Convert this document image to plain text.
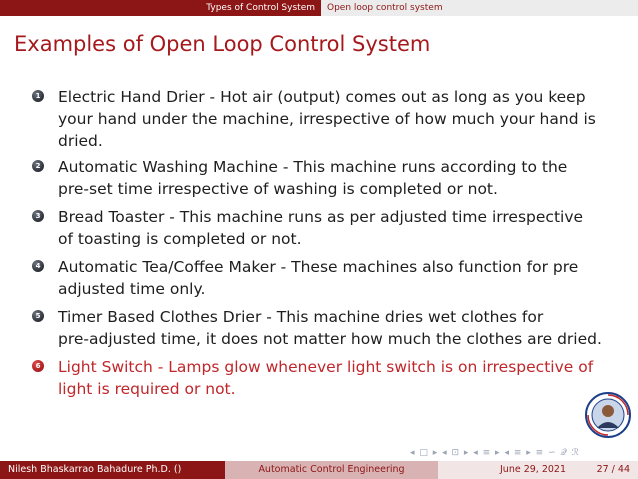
Types of Control System	Open loop control system
Examples of Open Loop Control System
1 Electric Hand Drier - Hot air (output) comes out as long as you keep
your hand under the machine, irrespective of how much your hand is
dried.
2 Automatic Washing Machine - This machine runs according to the
pre-set time irrespective of washing is completed or not.
3 Bread Toaster - This machine runs as per adjusted time irrespective
of toasting is completed or not.
4 Automatic Tea/Coffee Maker - These machines also function for pre
adjusted time only.
5 Timer Based Clothes Drier - This machine dries wet clothes for
pre-adjusted time, it does not matter how much the clothes are dried.
6 Light Switch - Lamps glow whenever light switch is on irrespective of
light is required or not.
◂ □ ▸ ◂ ⊡ ▸ ◂ ≡ ▸ ◂ ≡ ▸ ≡ ∽ 𝒬 ℛ
Nilesh Bhaskarrao Bahadure Ph.D. ()	Automatic Control Engineering	June 29, 2021	27 / 44
